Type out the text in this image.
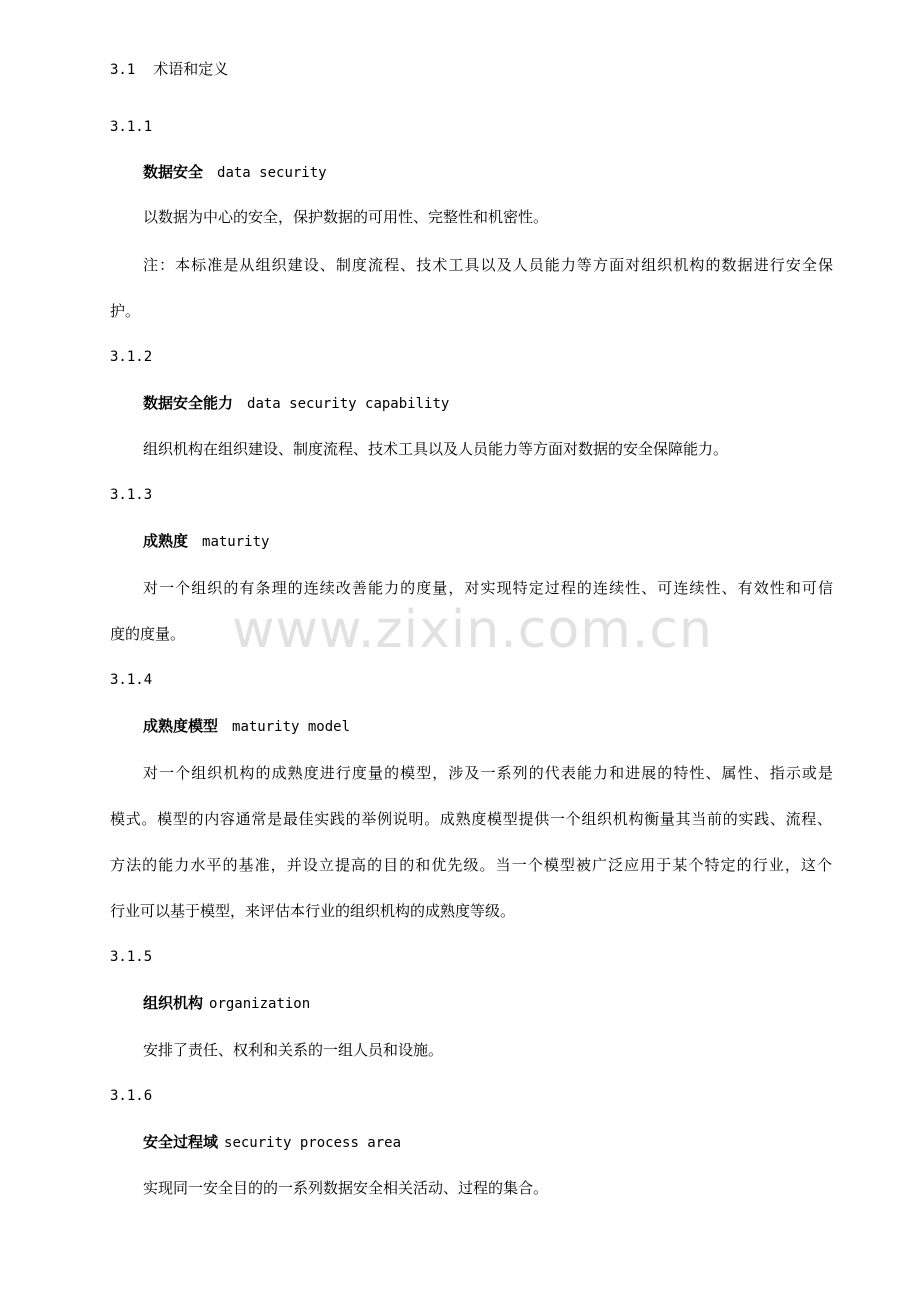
3.1 术语和定义
3.1.1
数据安全 data security
以数据为中心的安全，保护数据的可用性、完整性和机密性。
注：本标准是从组织建设、制度流程、技术工具以及人员能力等方面对组织机构的数据进行安全保
护。
3.1.2
数据安全能力 data security capability
组织机构在组织建设、制度流程、技术工具以及人员能力等方面对数据的安全保障能力。
3.1.3
成熟度 maturity
对一个组织的有条理的连续改善能力的度量，对实现特定过程的连续性、可连续性、有效性和可信
度的度量。
3.1.4
成熟度模型 maturity model
对一个组织机构的成熟度进行度量的模型，涉及一系列的代表能力和进展的特性、属性、指示或是
模式。模型的内容通常是最佳实践的举例说明。成熟度模型提供一个组织机构衡量其当前的实践、流程、
方法的能力水平的基准，并设立提高的目的和优先级。当一个模型被广泛应用于某个特定的行业，这个
行业可以基于模型，来评估本行业的组织机构的成熟度等级。
3.1.5
组织机构 organization
安排了责任、权利和关系的一组人员和设施。
3.1.6
安全过程域 security process area
实现同一安全目的的一系列数据安全相关活动、过程的集合。
www.zixin.com.cn
